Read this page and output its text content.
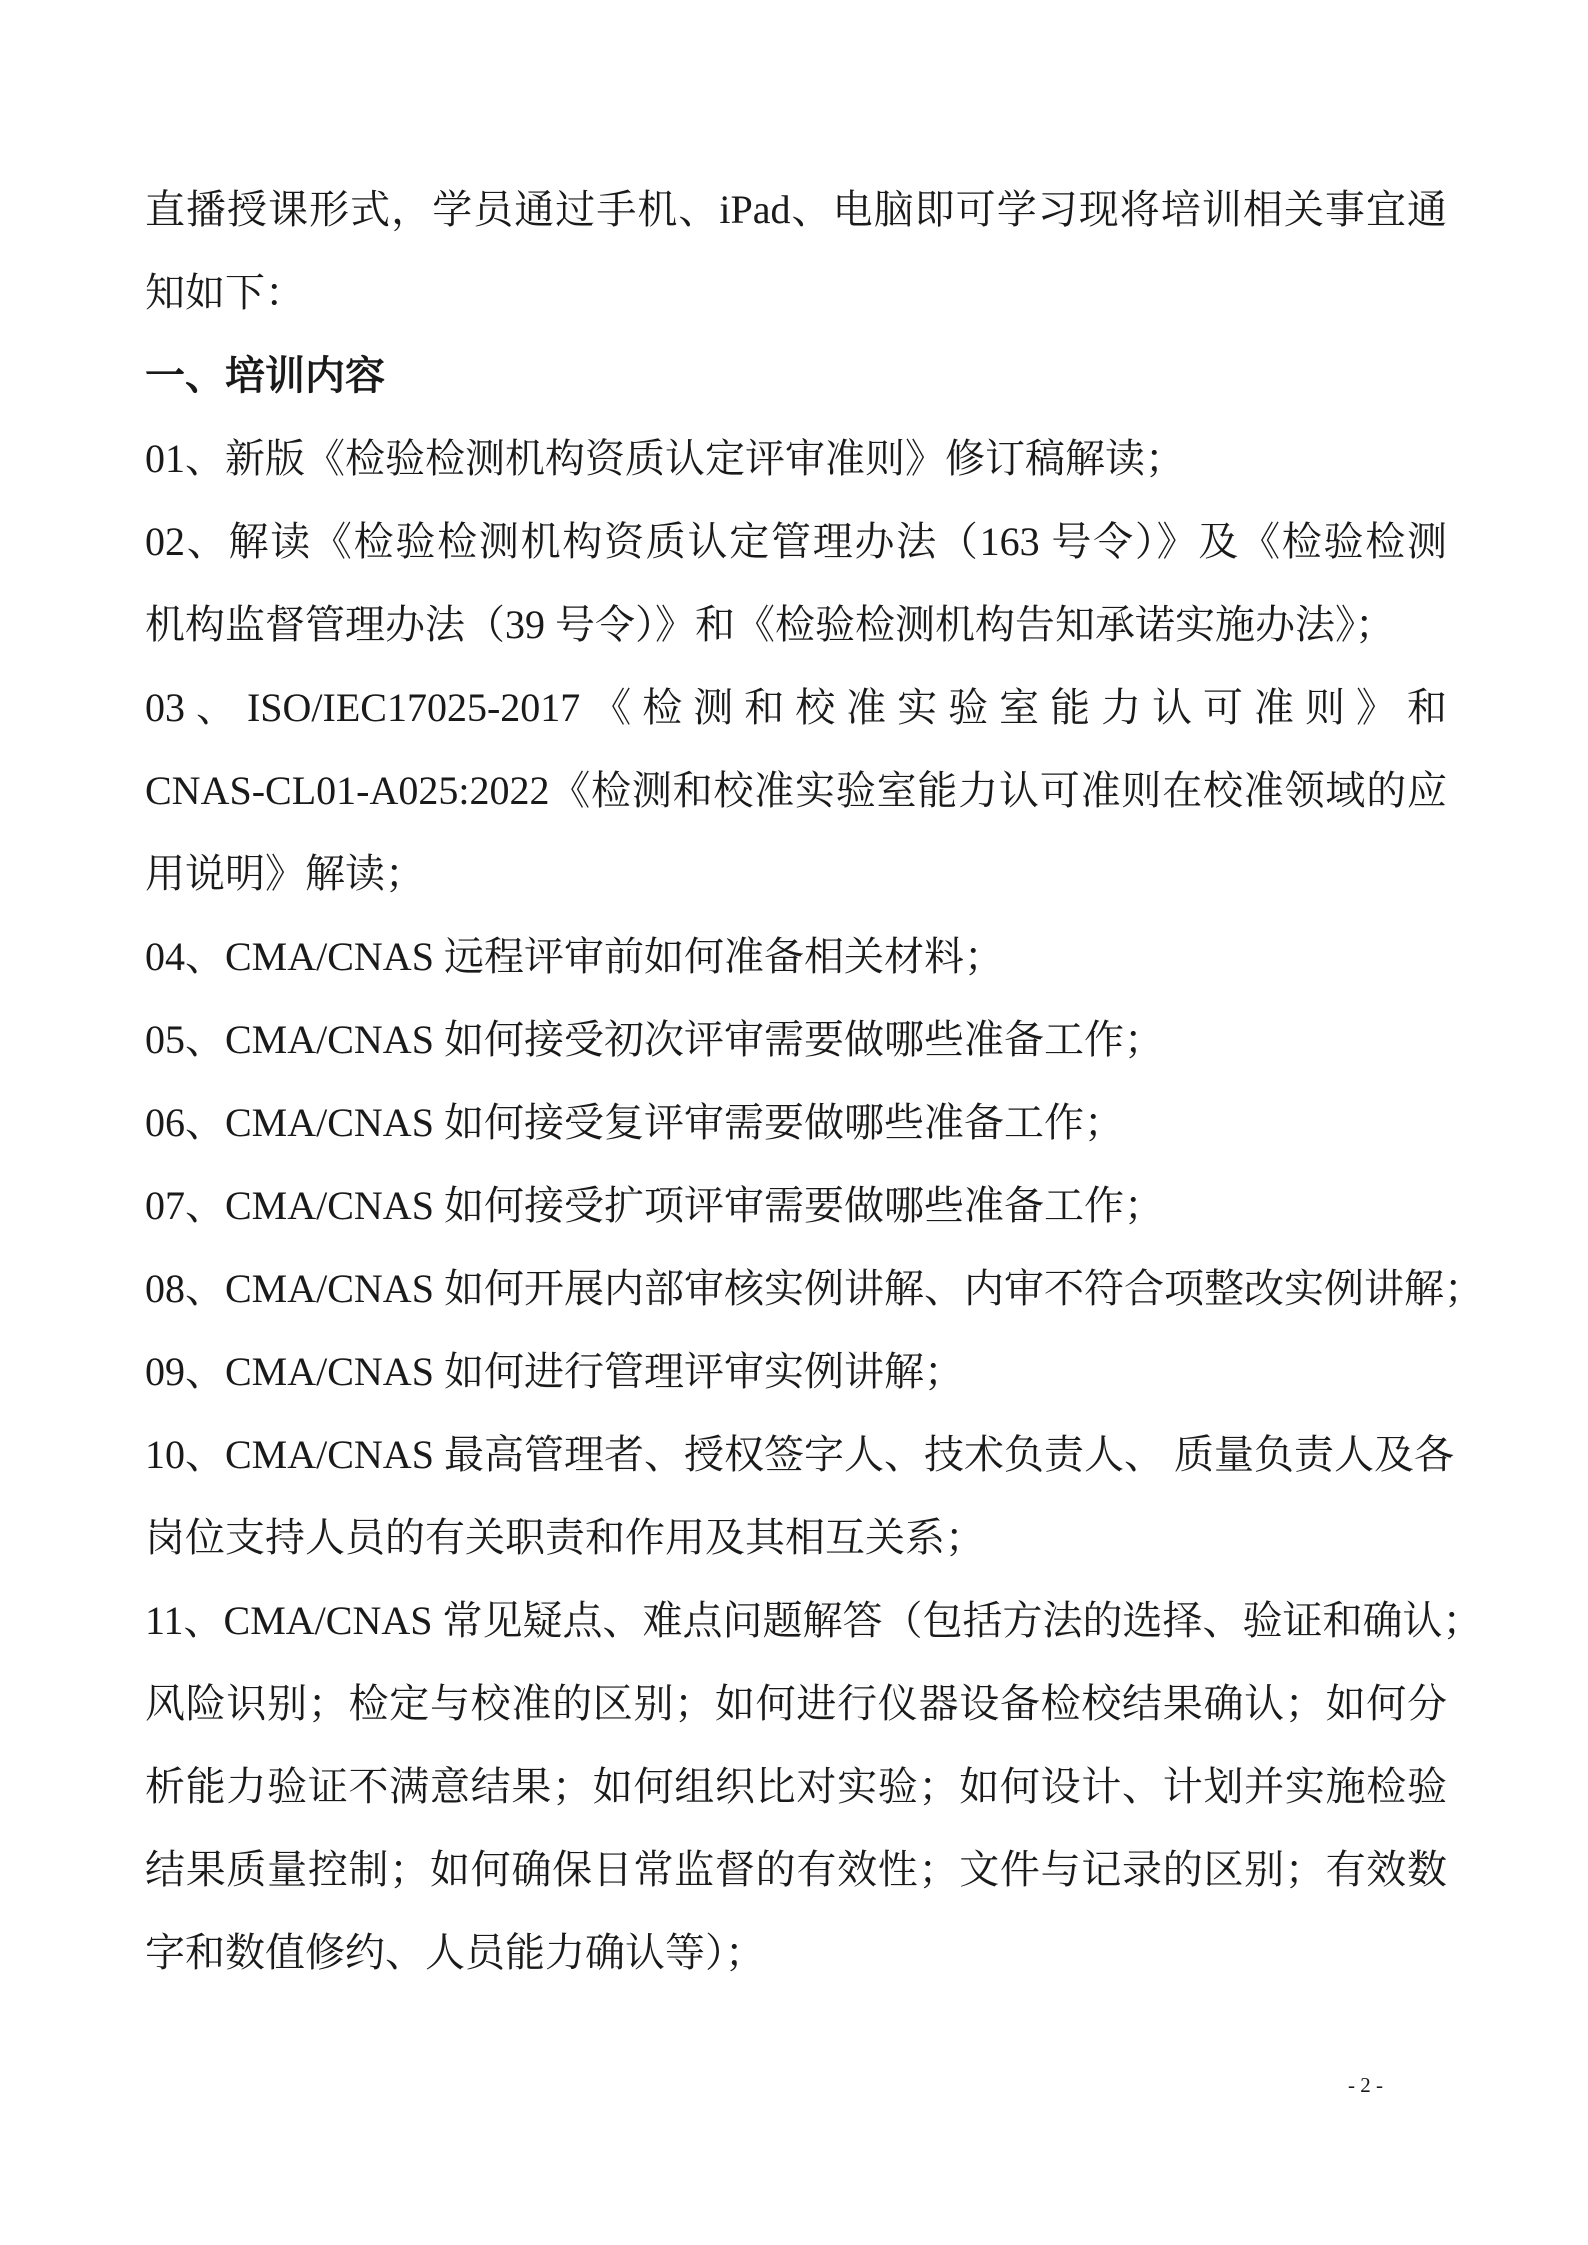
直播授课形式，学员通过手机、iPad、电脑即可学习现将培训相关事宜通
知如下：
一、培训内容
01、新版《检验检测机构资质认定评审准则》修订稿解读；
02、解读《检验检测机构资质认定管理办法（163 号令）》及《检验检测
机构监督管理办法（39 号令）》和《检验检测机构告知承诺实施办法》；
03、ISO/IEC17025-2017《检测和校准实验室能力认可准则》和
CNAS-CL01-A025:2022《检测和校准实验室能力认可准则在校准领域的应
用说明》解读；
04、CMA/CNAS 远程评审前如何准备相关材料；
05、CMA/CNAS 如何接受初次评审需要做哪些准备工作；
06、CMA/CNAS 如何接受复评审需要做哪些准备工作；
07、CMA/CNAS 如何接受扩项评审需要做哪些准备工作；
08、CMA/CNAS 如何开展内部审核实例讲解、内审不符合项整改实例讲解；
09、CMA/CNAS 如何进行管理评审实例讲解；
10、CMA/CNAS 最高管理者、授权签字人、技术负责人、 质量负责人及各
岗位支持人员的有关职责和作用及其相互关系；
11、CMA/CNAS 常见疑点、难点问题解答（包括方法的选择、验证和确认；
风险识别；检定与校准的区别；如何进行仪器设备检校结果确认；如何分
析能力验证不满意结果；如何组织比对实验；如何设计、计划并实施检验
结果质量控制；如何确保日常监督的有效性；文件与记录的区别；有效数
字和数值修约、人员能力确认等）；
- 2 -
